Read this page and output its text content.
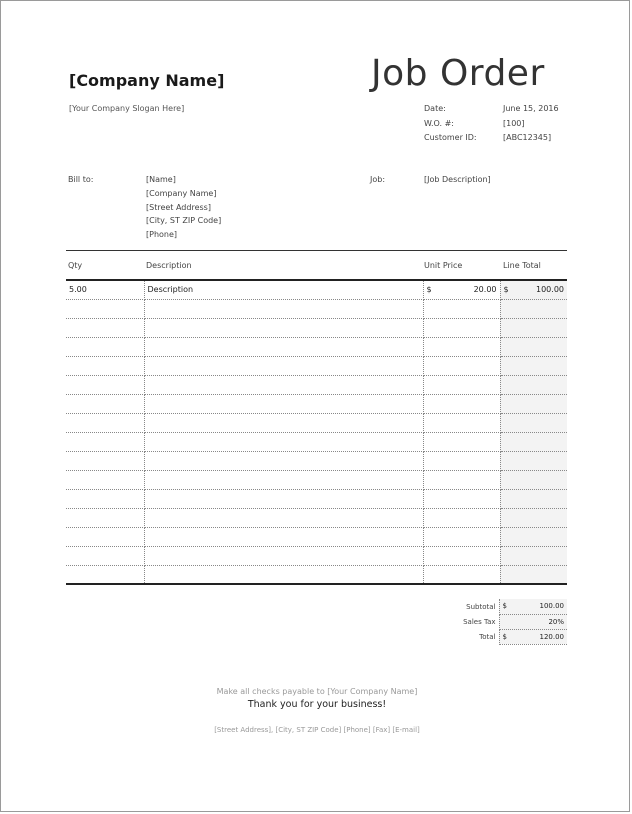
[Company Name]
[Your Company Slogan Here]
Job Order
Date:	June 15, 2016
W.O. #:	[100]
Customer ID:	[ABC12345]
Bill to:	[Name]
[Company Name]
[Street Address]
[City, ST ZIP Code]
[Phone]
Job:	[Job Description]
Qty	Description	Unit Price	Line Total
5.00	Description	$ 20.00	$ 100.00

Subtotal	$ 100.00

Sales Tax	20%

Total	$ 120.00
Make all checks payable to [Your Company Name]
Thank you for your business!
[Street Address], [City, ST ZIP Code] [Phone] [Fax] [E-mail]
